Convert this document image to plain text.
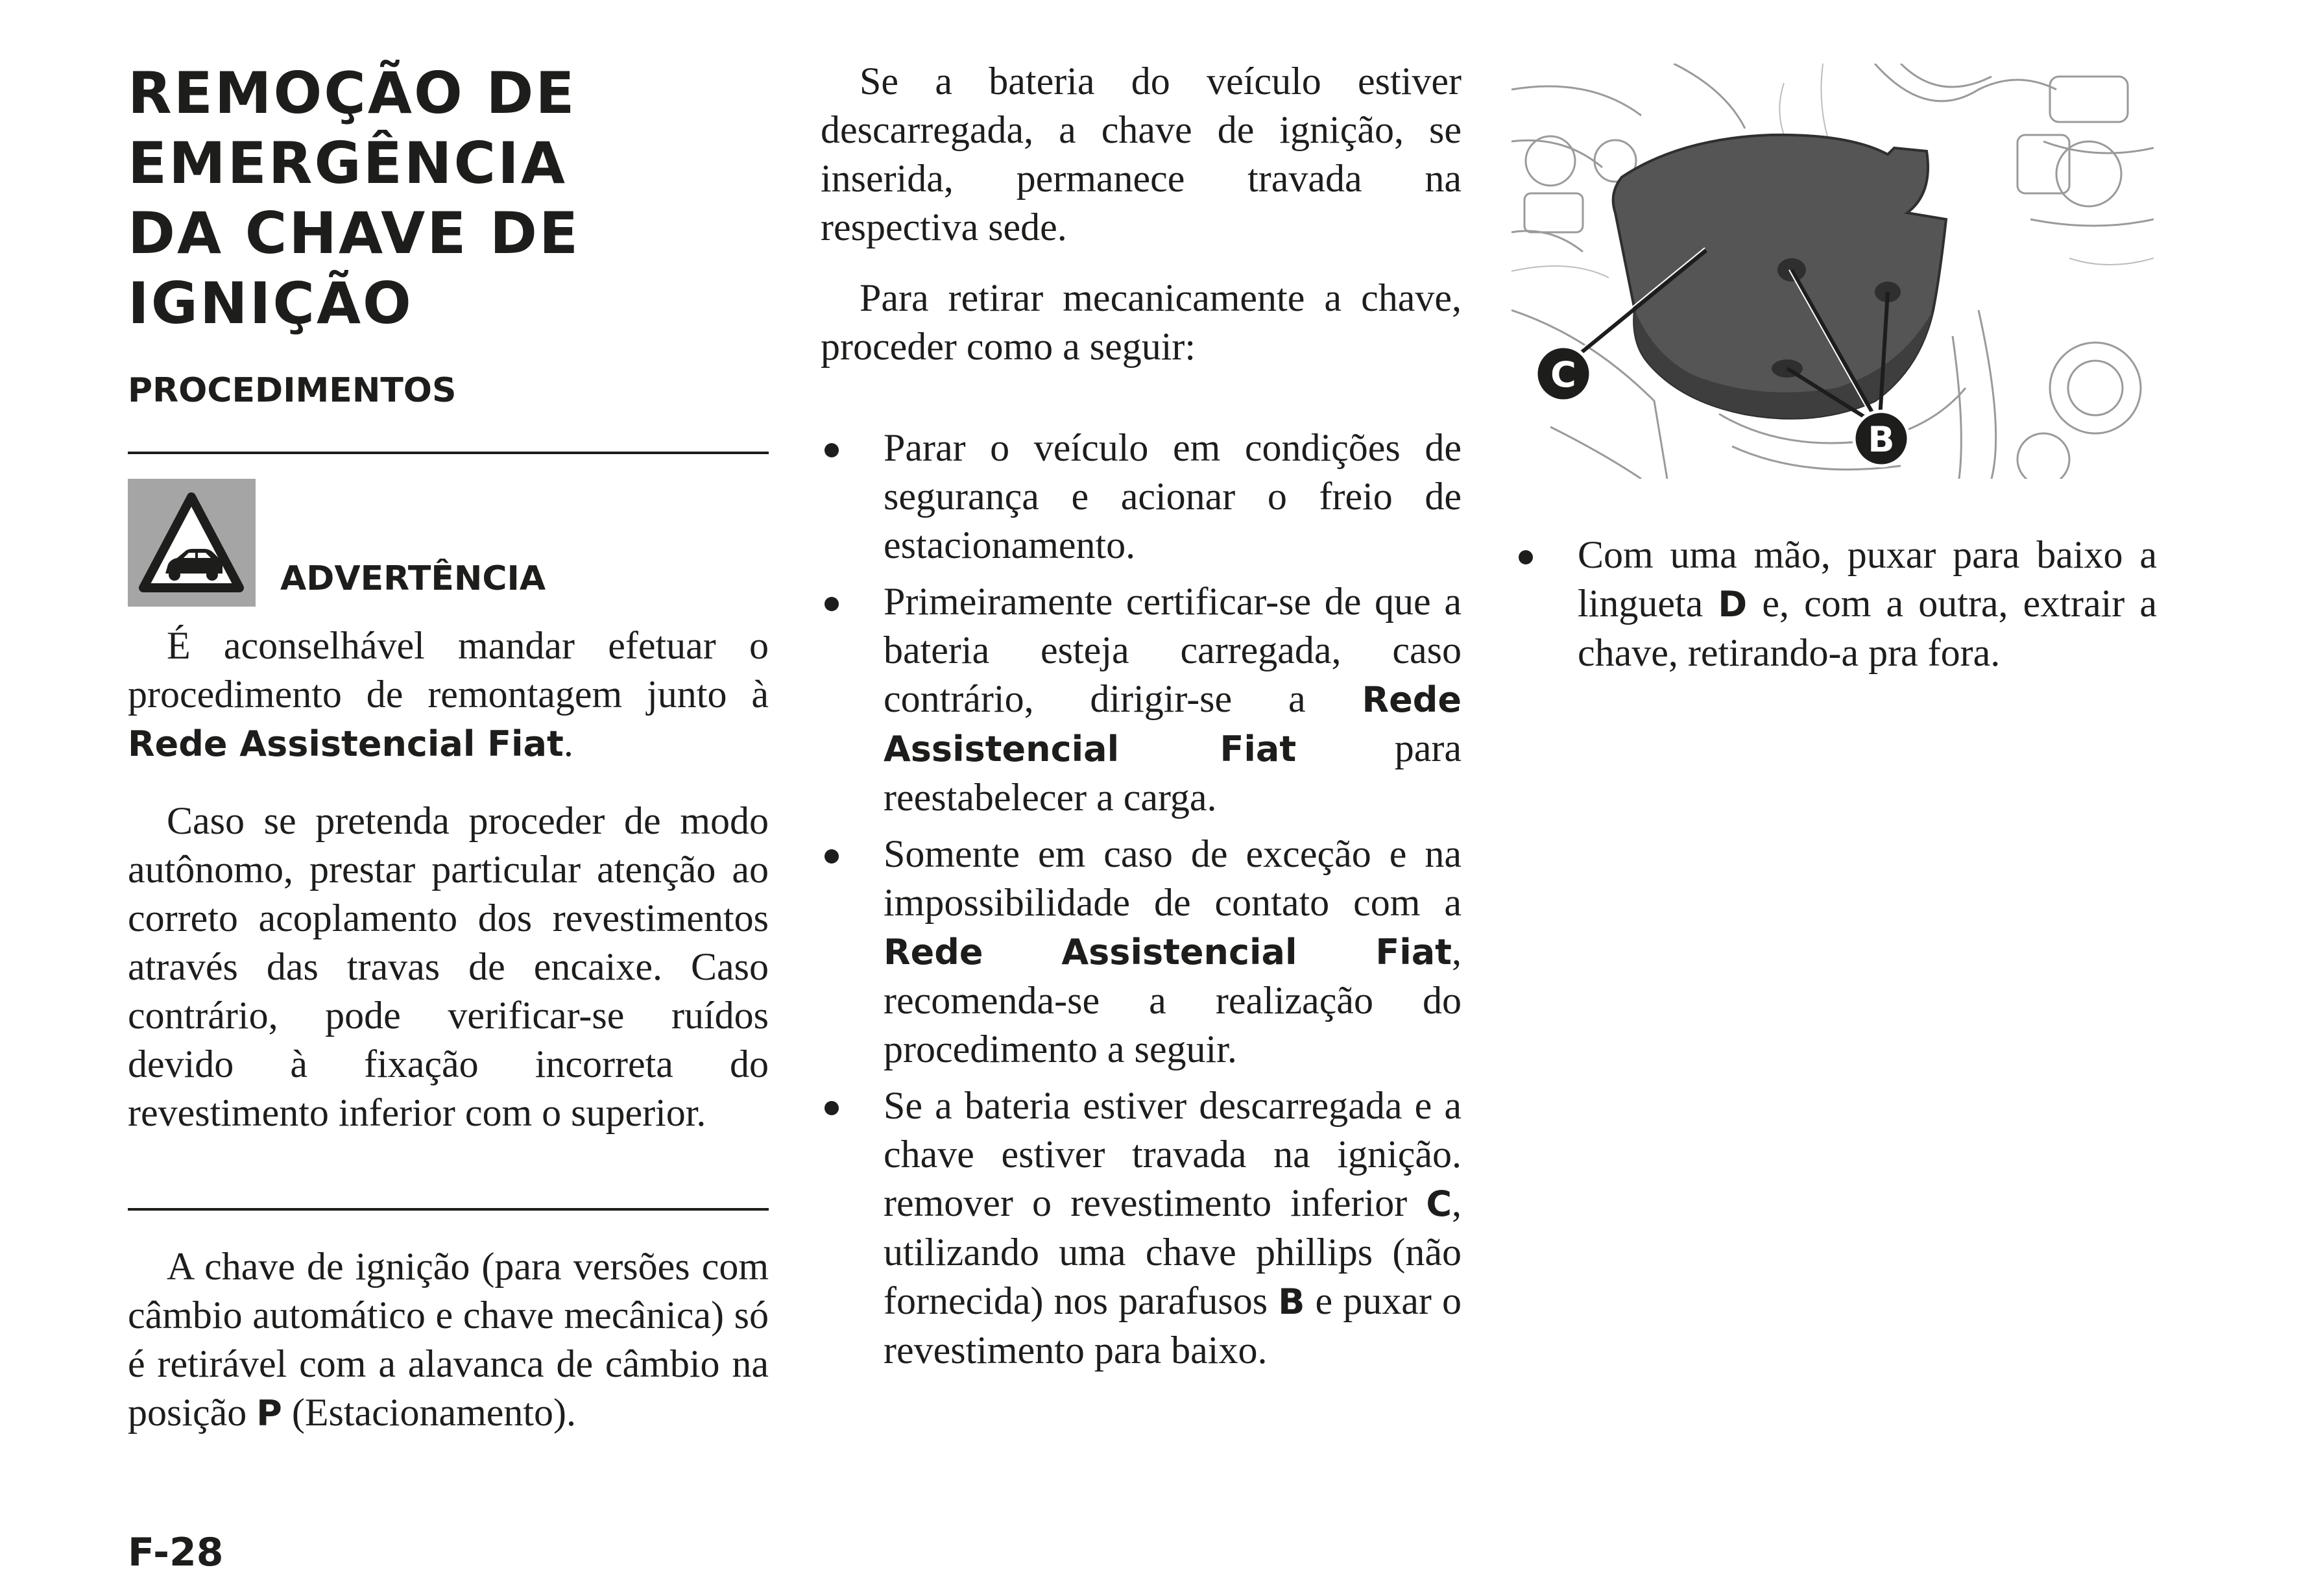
REMOÇÃO DE
EMERGÊNCIA
DA CHAVE DE
IGNIÇÃO
PROCEDIMENTOS
ADVERTÊNCIA

É aconselhável mandar efetuar o procedimento de remontagem junto à Rede Assistencial Fiat.

Caso se pretenda proceder de modo autônomo, prestar particular atenção ao correto acoplamento dos revestimentos através das travas de encaixe. Caso contrário, pode verificar-se ruídos devido à fixação incorreta do revestimento inferior com o superior.

A chave de ignição (para versões com câmbio automático e chave mecânica) só é retirável com a alavanca de câmbio na posição P (Estacionamento).

F-28

Se a bateria do veículo estiver descarregada, a chave de ignição, se inserida, permanece travada na respectiva sede.

Para retirar mecanicamente a chave, proceder como a seguir:

Parar o veículo em condições de segurança e acionar o freio de estacionamento.
Primeiramente certificar-se de que a bateria esteja carregada, caso contrário, dirigir-se a Rede Assistencial Fiat para reestabelecer a carga.
Somente em caso de exceção e na impossibilidade de contato com a Rede Assistencial Fiat, recomenda-se a realização do procedimento a seguir.
Se a bateria estiver descarregada e a chave estiver travada na ignição. remover o revestimento inferior C, utilizando uma chave phillips (não fornecida) nos parafusos B e puxar o revestimento para baixo.
C
B
Com uma mão, puxar para baixo a lingueta D e, com a outra, extrair a chave, retirando-a pra fora.
